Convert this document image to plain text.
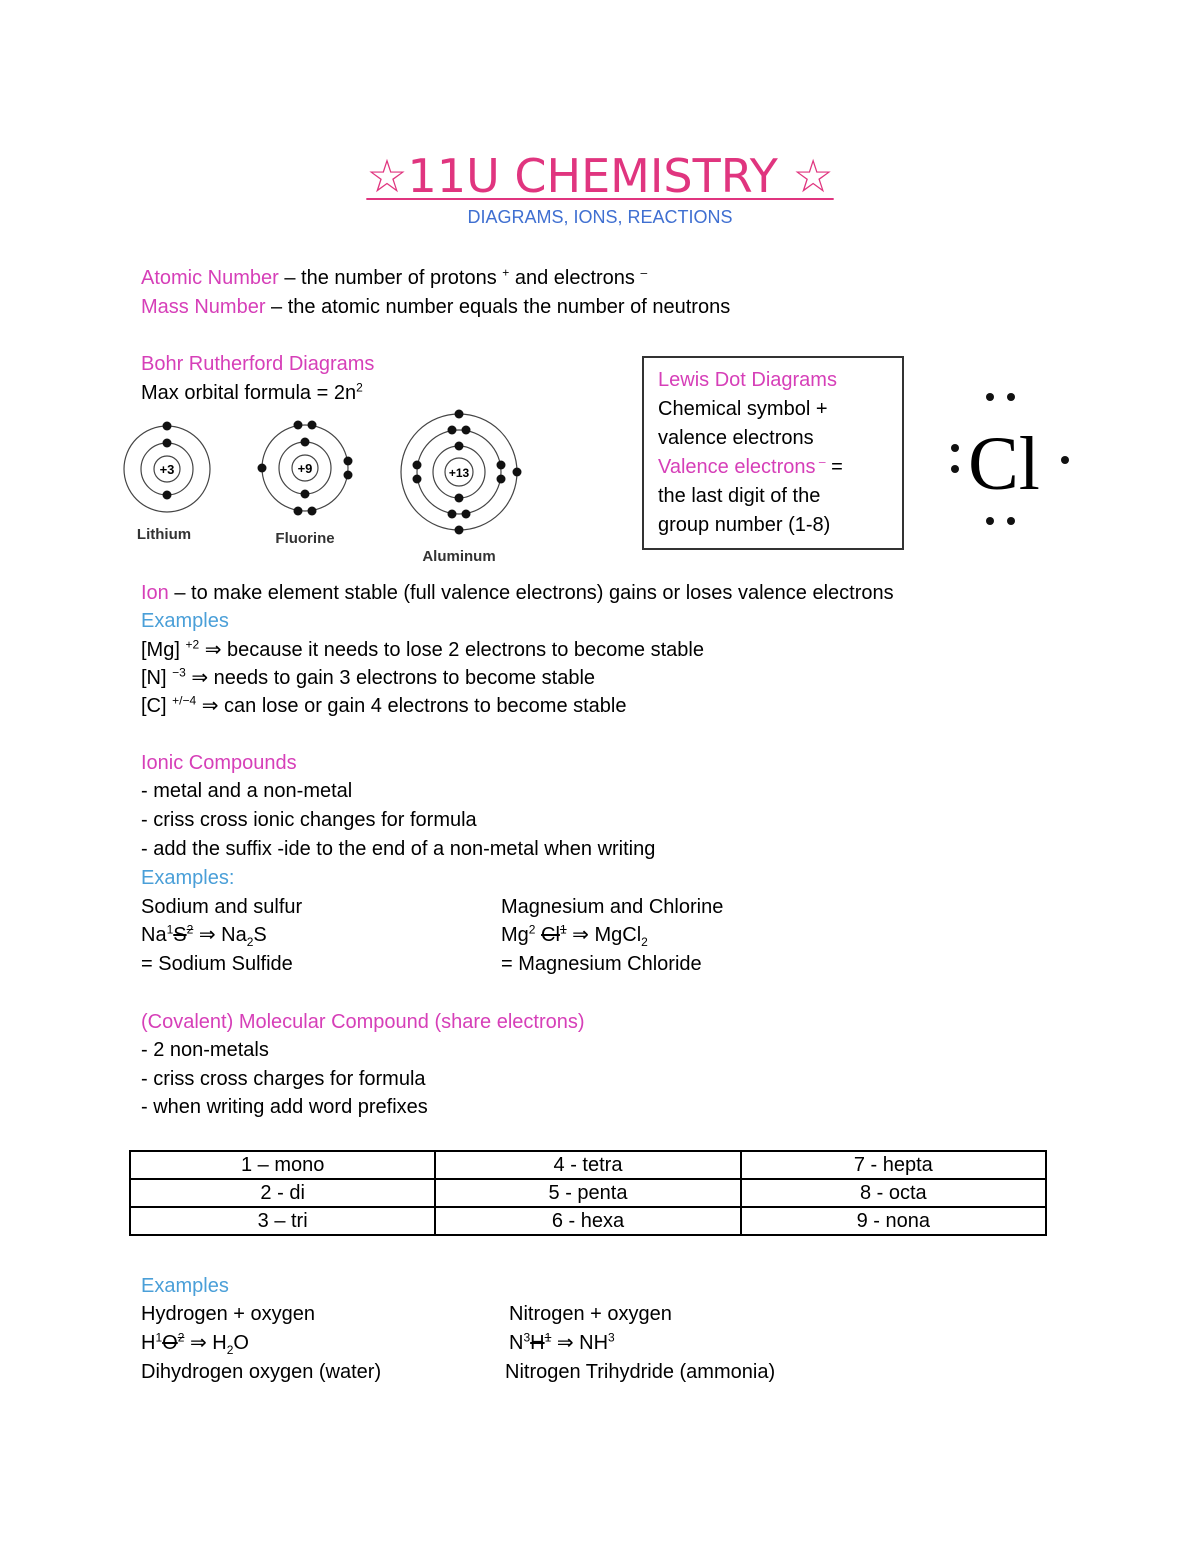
☆11U CHEMISTRY ☆
DIAGRAMS, IONS, REACTIONS
Atomic Number – the number of protons + and electrons –
Mass Number – the atomic number equals the number of neutrons
Bohr Rutherford Diagrams
Max orbital formula = $2n^2$
+3
Lithium
+9
Fluorine
+13
Aluminum
Lewis Dot Diagrams
Chemical symbol +
valence electrons
Valence electrons – =
the last digit of the
group number (1-8)
Cl
Ion – to make element stable (full valence electrons) gains or loses valence electrons
Examples
[Mg] $^{+2}$ ⇒ because it needs to lose 2 electrons to become stable
[N] $^{-3}$ ⇒ needs to gain 3 electrons to become stable
[C] $^{+/-4}$ ⇒ can lose or gain 4 electrons to become stable
Ionic Compounds
- metal and a non-metal
- criss cross ionic changes for formula
- add the suffix -ide to the end of a non-metal when writing
Examples:
Sodium and sulfur
$Na^1S^2$ ⇒ $Na_2S$
= Sodium Sulfide
Magnesium and Chlorine
Mg$^2$ Cl$^1$ ⇒ MgCl$_2$
= Magnesium Chloride
(Covalent) Molecular Compound (share electrons)
- 2 non-metals
- criss cross charges for formula
- when writing add word prefixes
1 – mono	4 - tetra	7 - hepta
2 - di	5 - penta	8 - octa
3 – tri	6 - hexa	9 - nona
Examples
Hydrogen + oxygen
$H^1O^2$ ⇒ $H_2O$
Dihydrogen oxygen (water)
Nitrogen + oxygen
$N^3H^1$ ⇒ $NH^3$
Nitrogen Trihydride (ammonia)
